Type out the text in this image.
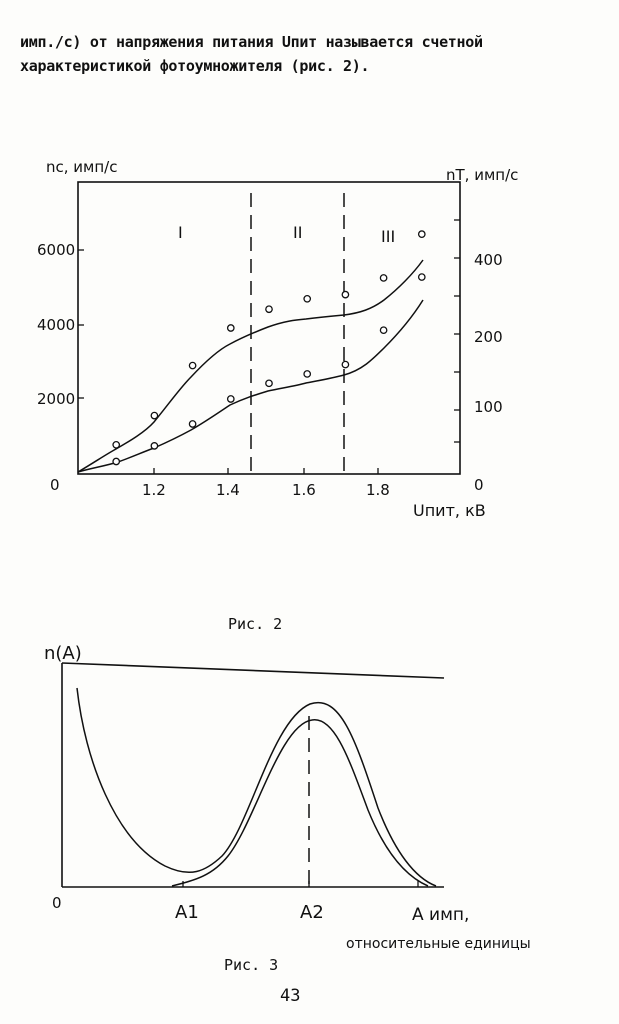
имп./с) от напряжения питания Uпит называется счетной
характеристикой фотоумножителя (рис. 2).
6000
4000
2000
0
400
200
100
0
1.2	1.4	1.6	1.8
nc, имп/с	nT, имп/с
Uпит, кВ
I	II	III
n(A)
0	A1	A2	A имп,
относительные единицы
Рис. 2
Рис. 3
43
